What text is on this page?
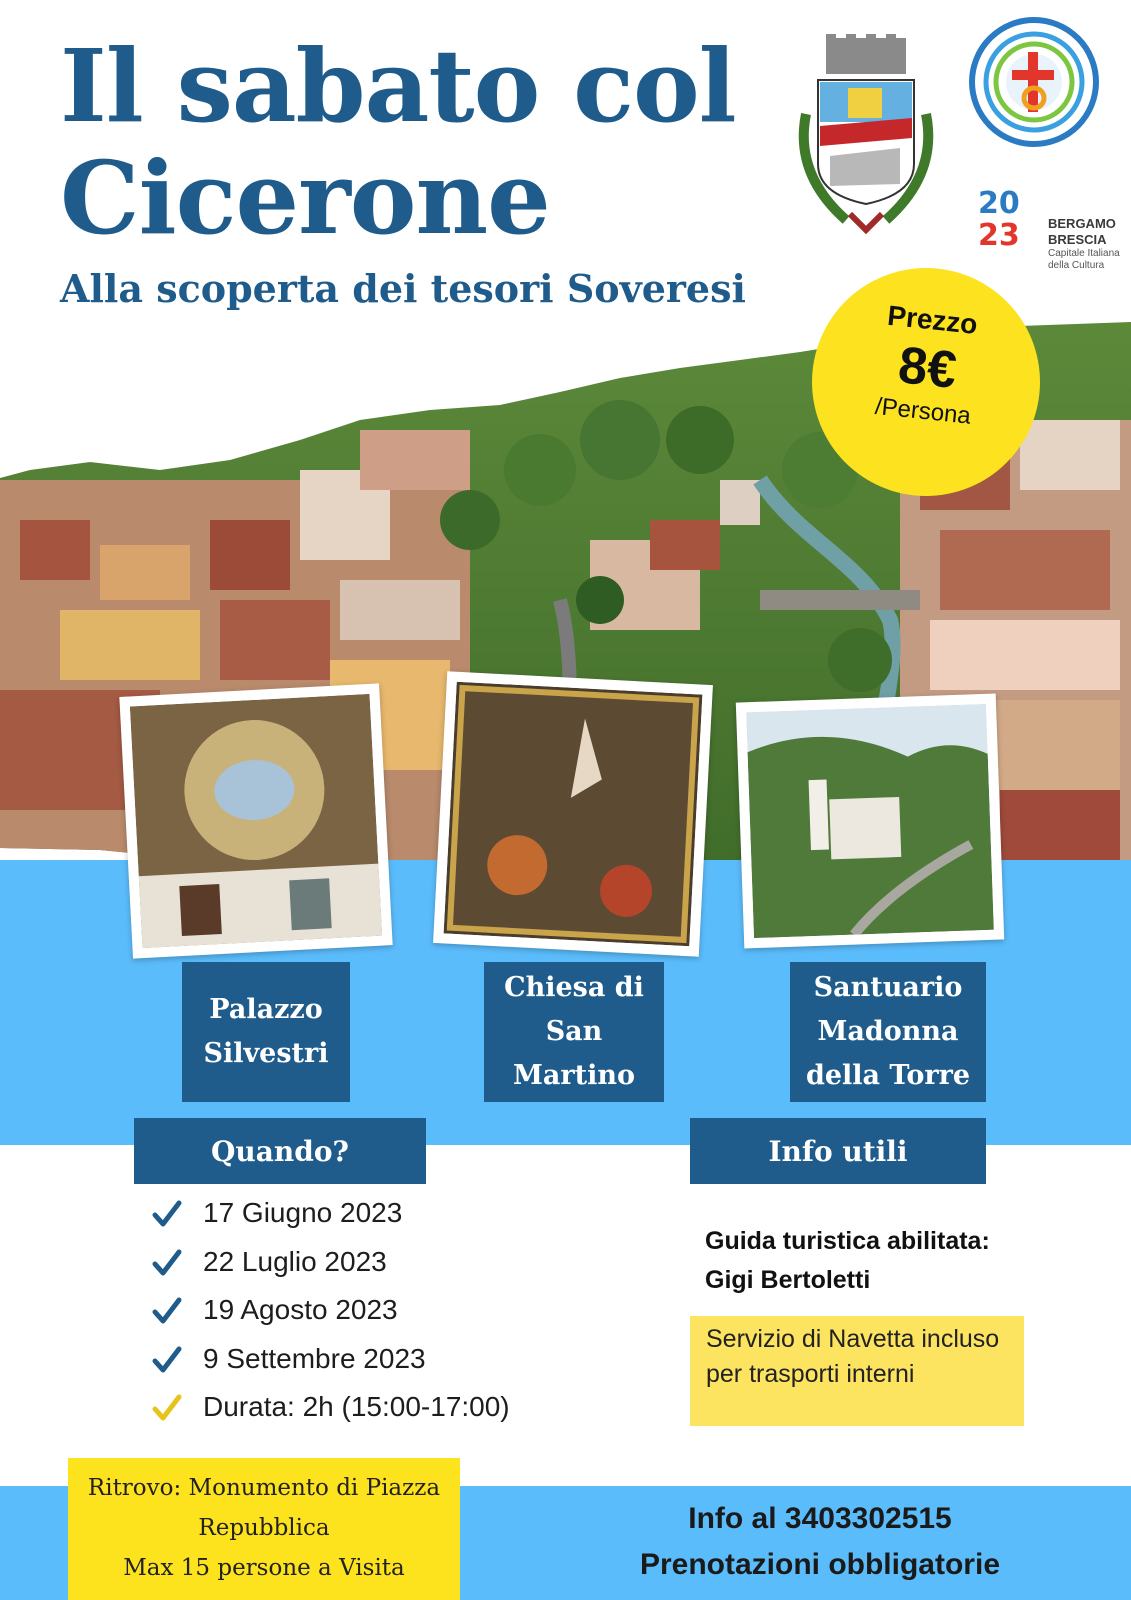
Il sabato col Cicerone
Alla scoperta dei tesori Soveresi
20
23	BERGAMO
BRESCIA
Capitale Italiana
della Cultura
Prezzo
8€
/Persona
Palazzo Silvestri
Chiesa di San Martino
Santuario Madonna della Torre
Quando?	Info utili
17 Giugno 2023
22 Luglio 2023
19 Agosto 2023
9 Settembre 2023
Durata: 2h (15:00-17:00)
Guida turistica abilitata:
Gigi Bertoletti
Servizio di Navetta incluso per trasporti interni
Ritrovo: Monumento di Piazza
Repubblica
Max 15 persone a Visita
Info al 3403302515
Prenotazioni obbligatorie
